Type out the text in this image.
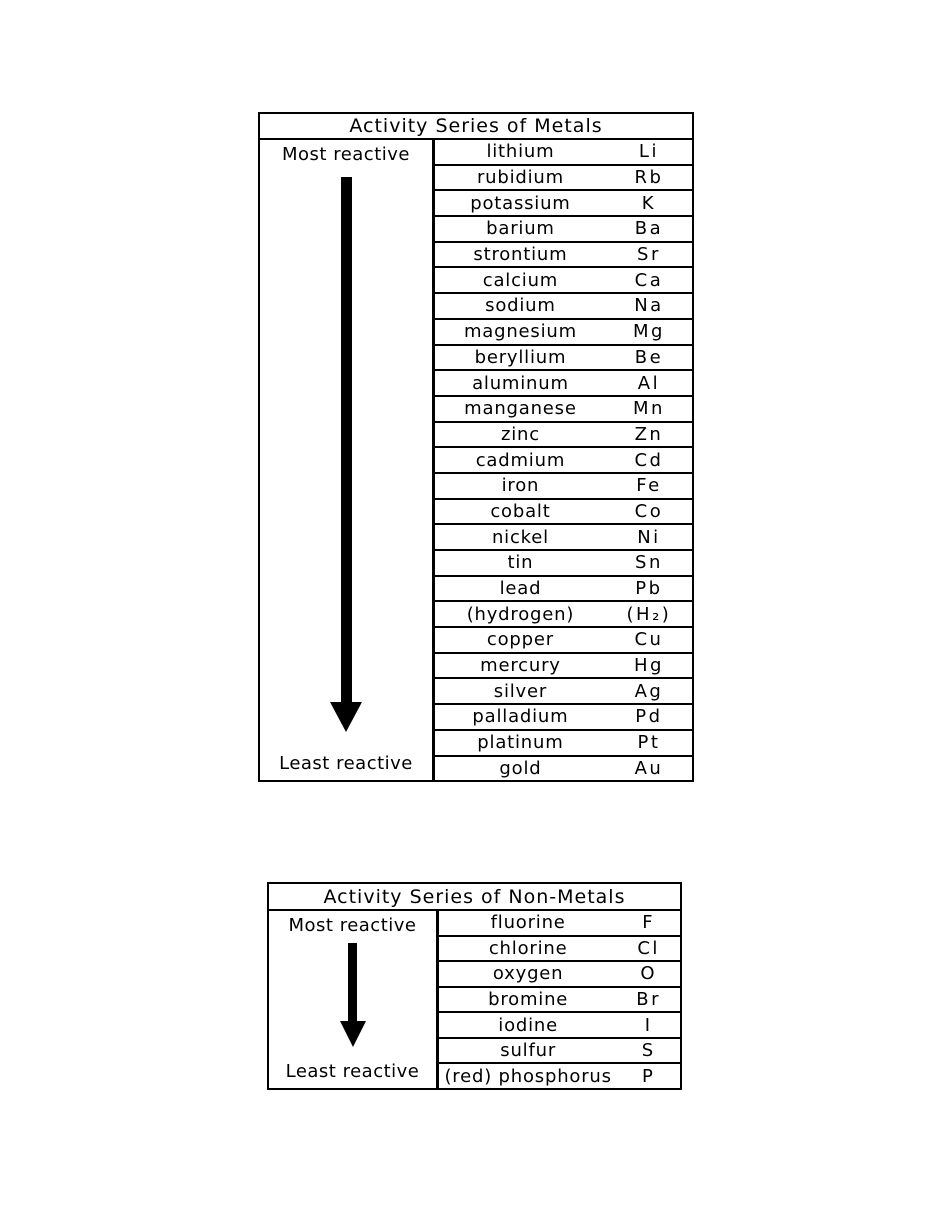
Activity Series of Metals
Most reactive
Least reactive
lithium	Li
rubidium	Rb
potassium	K
barium	Ba
strontium	Sr
calcium	Ca
sodium	Na
magnesium	Mg
beryllium	Be
aluminum	Al
manganese	Mn
zinc	Zn
cadmium	Cd
iron	Fe
cobalt	Co
nickel	Ni
tin	Sn
lead	Pb
(hydrogen)	(H₂)
copper	Cu
mercury	Hg
silver	Ag
palladium	Pd
platinum	Pt
gold	Au
Activity Series of Non-Metals
Most reactive
Least reactive
fluorine	F
chlorine	Cl
oxygen	O
bromine	Br
iodine	I
sulfur	S
(red) phosphorus	P
